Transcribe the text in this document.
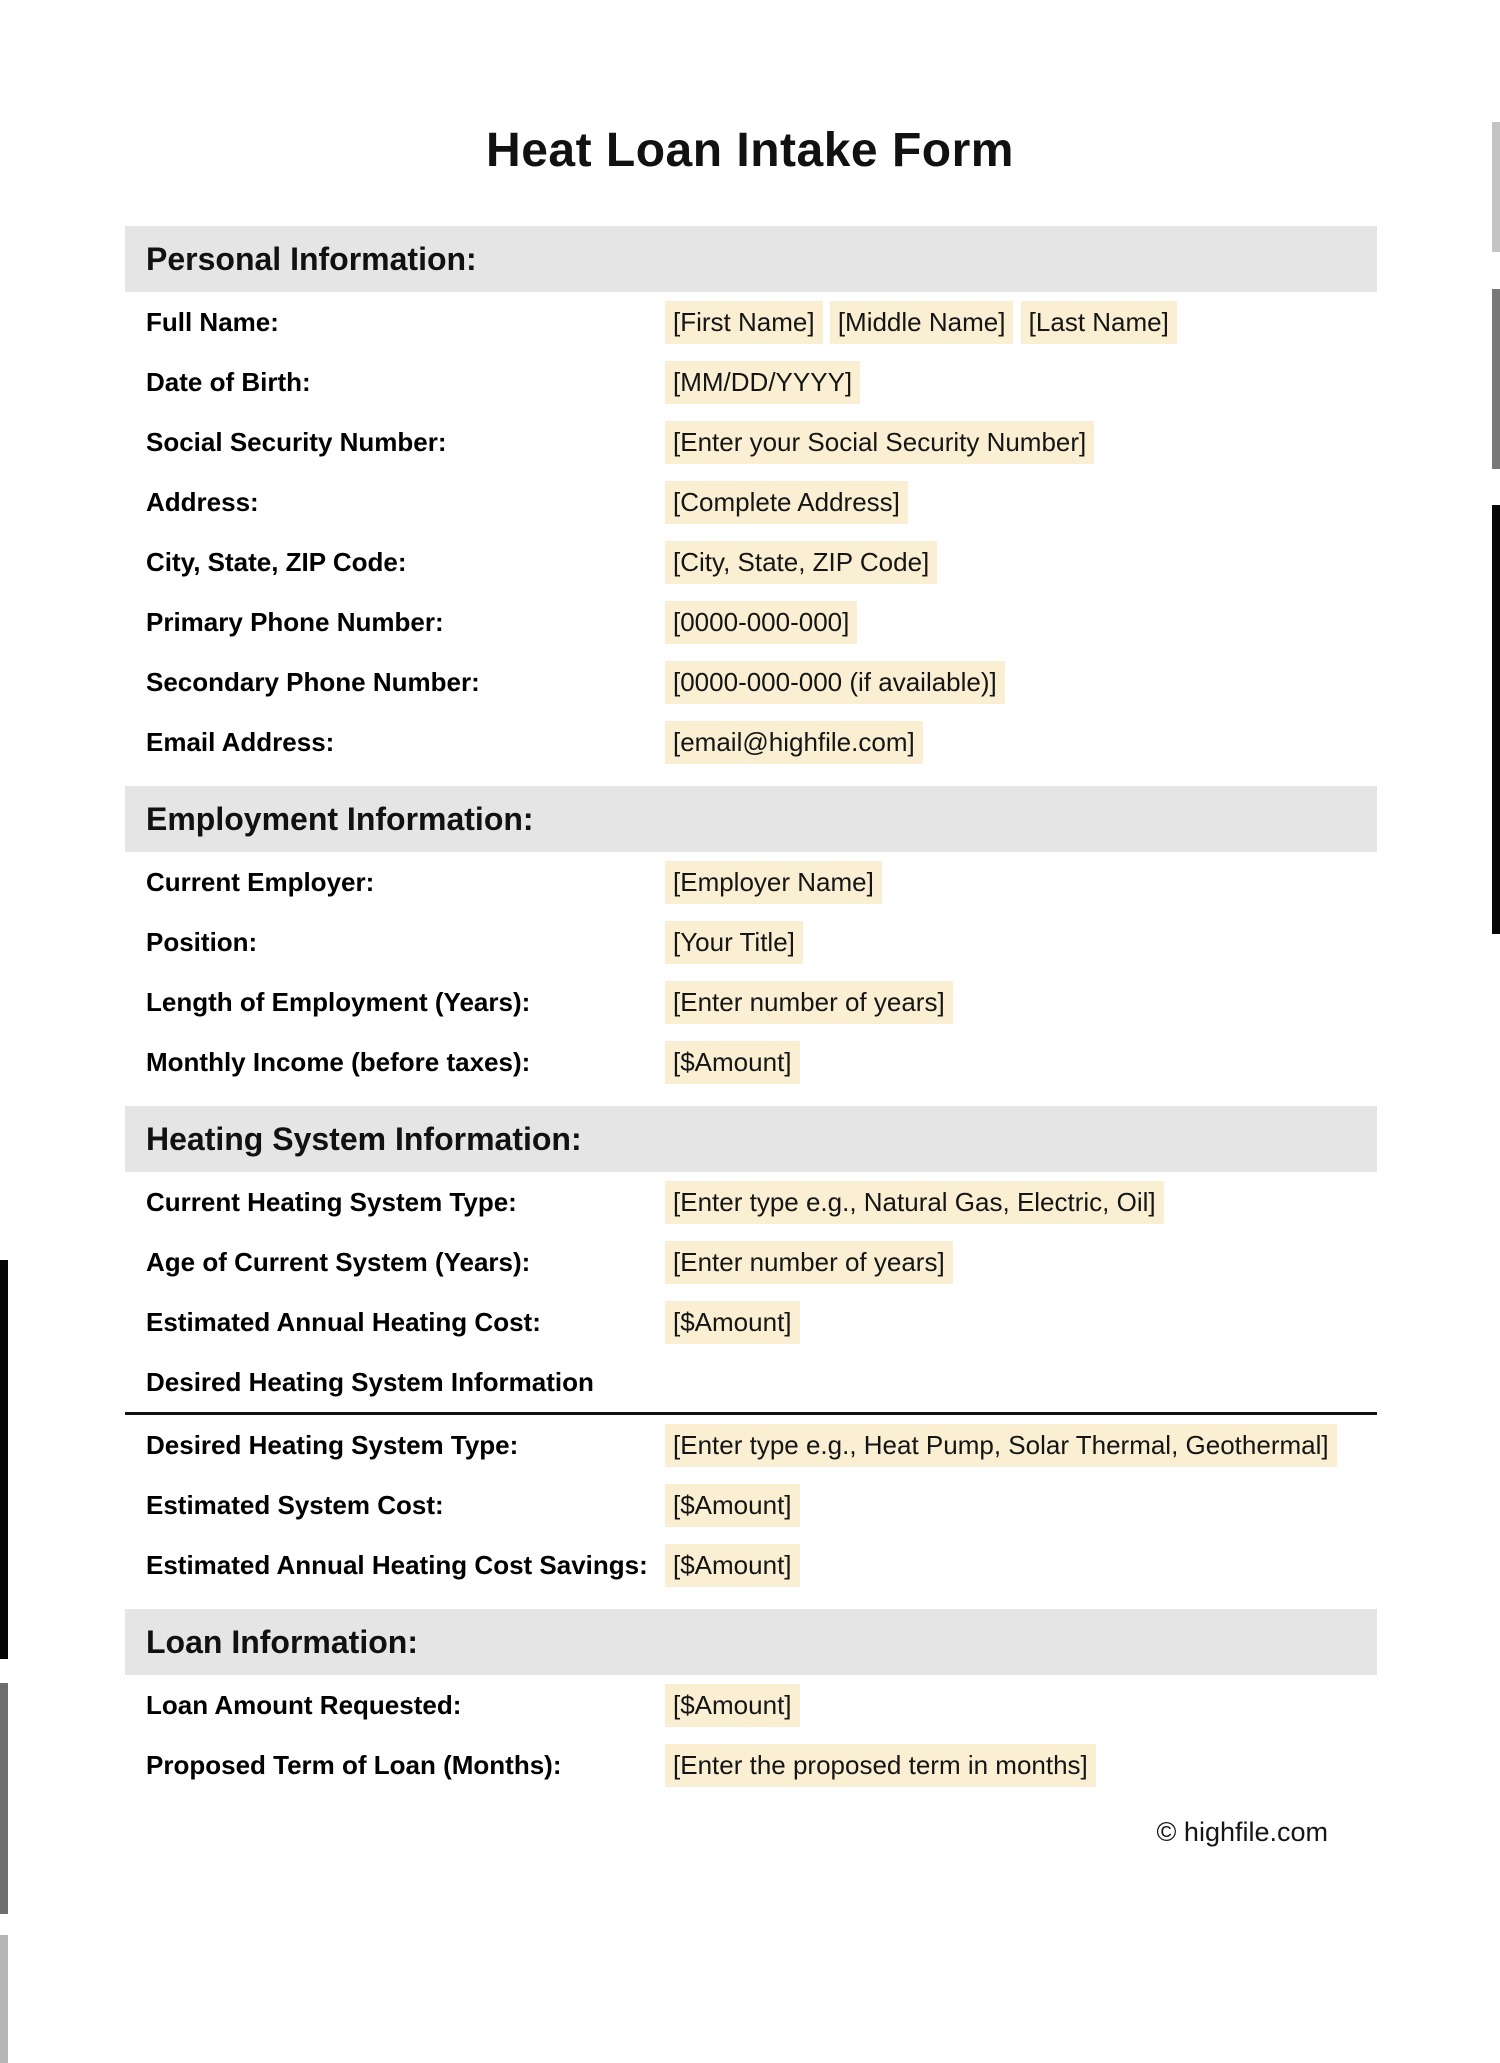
Heat Loan Intake Form
Personal Information:
Full Name:	[First Name] [Middle Name] [Last Name]
Date of Birth:	[MM/DD/YYYY]
Social Security Number:	[Enter your Social Security Number]
Address:	[Complete Address]
City, State, ZIP Code:	[City, State, ZIP Code]
Primary Phone Number:	[0000-000-000]
Secondary Phone Number:	[0000-000-000 (if available)]
Email Address:	[email@highfile.com]
Employment Information:
Current Employer:	[Employer Name]
Position:	[Your Title]
Length of Employment (Years):	[Enter number of years]
Monthly Income (before taxes):	[$Amount]
Heating System Information:
Current Heating System Type:	[Enter type e.g., Natural Gas, Electric, Oil]
Age of Current System (Years):	[Enter number of years]
Estimated Annual Heating Cost:	[$Amount]
Desired Heating System Information
Desired Heating System Type:	[Enter type e.g., Heat Pump, Solar Thermal, Geothermal]
Estimated System Cost:	[$Amount]
Estimated Annual Heating Cost Savings: [$Amount]
Loan Information:
Loan Amount Requested:	[$Amount]
Proposed Term of Loan (Months):	[Enter the proposed term in months]
© highfile.com
